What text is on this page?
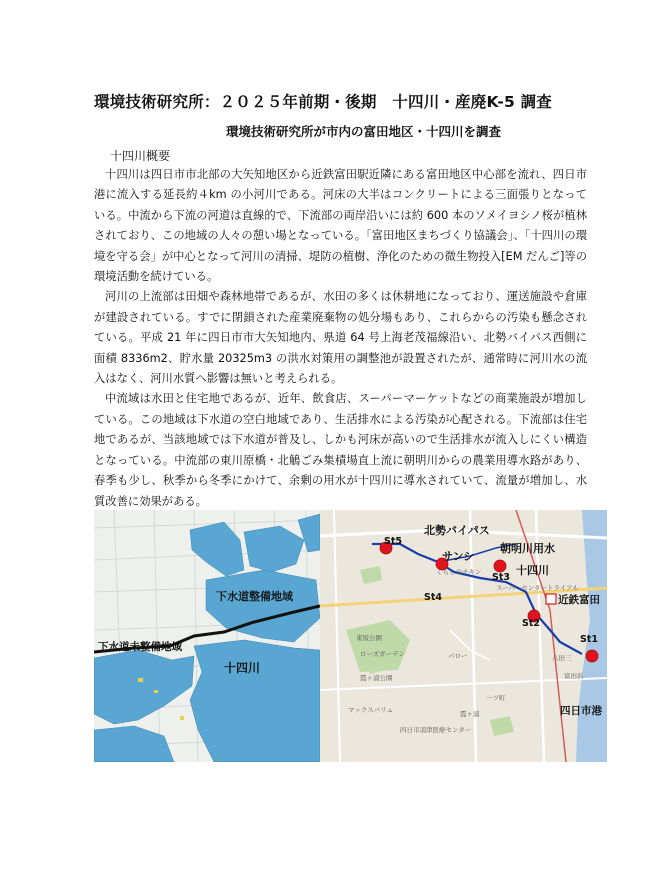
環境技術研究所：２０２５年前期・後期　十四川・産廃K-5 調査
環境技術研究所が市内の富田地区・十四川を調査
十四川概要

十四川は四日市市北部の大矢知地区から近鉄富田駅近隣にある富田地区中心部を流れ、四日市港に流入する延長約４km の小河川である。河床の大半はコンクリートによる三面張りとなっている。中流から下流の河道は直線的で、下流部の両岸沿いには約 600 本のソメイヨシノ桜が植林されており、この地域の人々の憩い場となっている。「富田地区まちづくり協議会」、「十四川の環境を守る会」が中心となって河川の清掃、堤防の植樹、浄化のための微生物投入[EM だんご]等の環境活動を続けている。

河川の上流部は田畑や森林地帯であるが、水田の多くは休耕地になっており、運送施設や倉庫が建設されている。すでに閉鎖された産業廃棄物の処分場もあり、これらからの汚染も懸念されている。平成 21 年に四日市市大矢知地内、県道 64 号上海老茂福線沿い、北勢バイパス西側に面積 8336m2、貯水量 20325m3 の洪水対策用の調整池が設置されたが、通常時に河川水の流入はなく、河川水質へ影響は無いと考えられる。

中流域は水田と住宅地であるが、近年、飲食店、スーパーマーケットなどの商業施設が増加している。この地域は下水道の空白地域であり、生活排水による汚染が心配される。下流部は住宅地であるが、当該地域では下水道が普及し、しかも河床が高いので生活排水が流入しにくい構造となっている。中流部の東川原橋・北鵤ごみ集積場直上流に朝明川からの農業用導水路があり、春季も少し、秋季から冬季にかけて、余剰の用水が十四川に導水されていて、流量が増加し、水質改善に効果がある。

下水道整備地域
下水道未整備地域
十四川
St1
St2
St3
St4
St5
北勢バイパス
朝明川用水
十四川
サンシ
近鉄富田
四日市港
くらしのチキン
マックスバリュ
パロー
霞ヶ浦
富田浜
東坂公園
ローズガーデン
スーパーセンタートライアル
一ツ町
霞ヶ浦公園
八田三
四日市羽津医療センター
